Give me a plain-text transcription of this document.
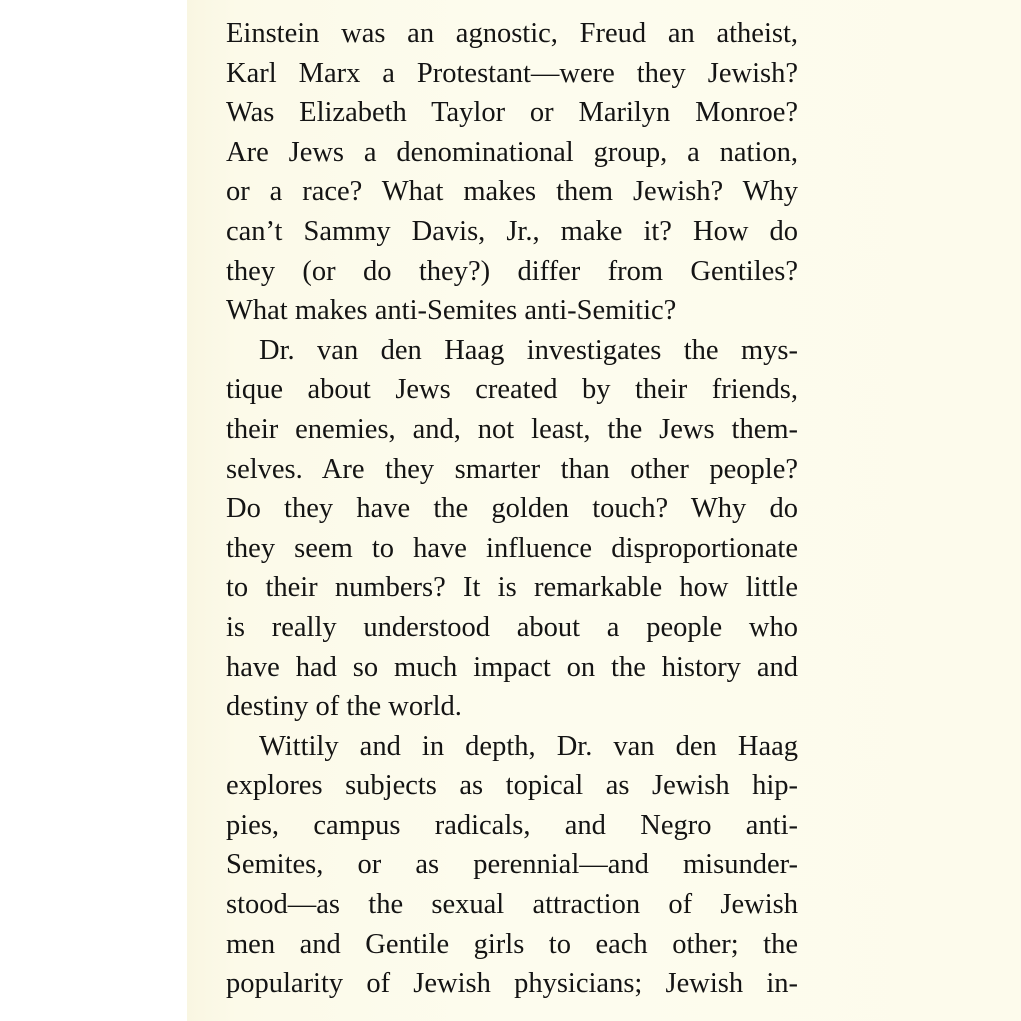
Einstein was an agnostic, Freud an atheist,
Karl Marx a Protestant—were they Jewish?
Was Elizabeth Taylor or Marilyn Monroe?
Are Jews a denominational group, a nation,
or a race? What makes them Jewish? Why
can’t Sammy Davis, Jr., make it? How do
they (or do they?) differ from Gentiles?
What makes anti-Semites anti-Semitic?
Dr. van den Haag investigates the mys-
tique about Jews created by their friends,
their enemies, and, not least, the Jews them-
selves. Are they smarter than other people?
Do they have the golden touch? Why do
they seem to have influence disproportionate
to their numbers? It is remarkable how little
is really understood about a people who
have had so much impact on the history and
destiny of the world.
Wittily and in depth, Dr. van den Haag
explores subjects as topical as Jewish hip-
pies, campus radicals, and Negro anti-
Semites, or as perennial—and misunder-
stood—as the sexual attraction of Jewish
men and Gentile girls to each other; the
popularity of Jewish physicians; Jewish in-
